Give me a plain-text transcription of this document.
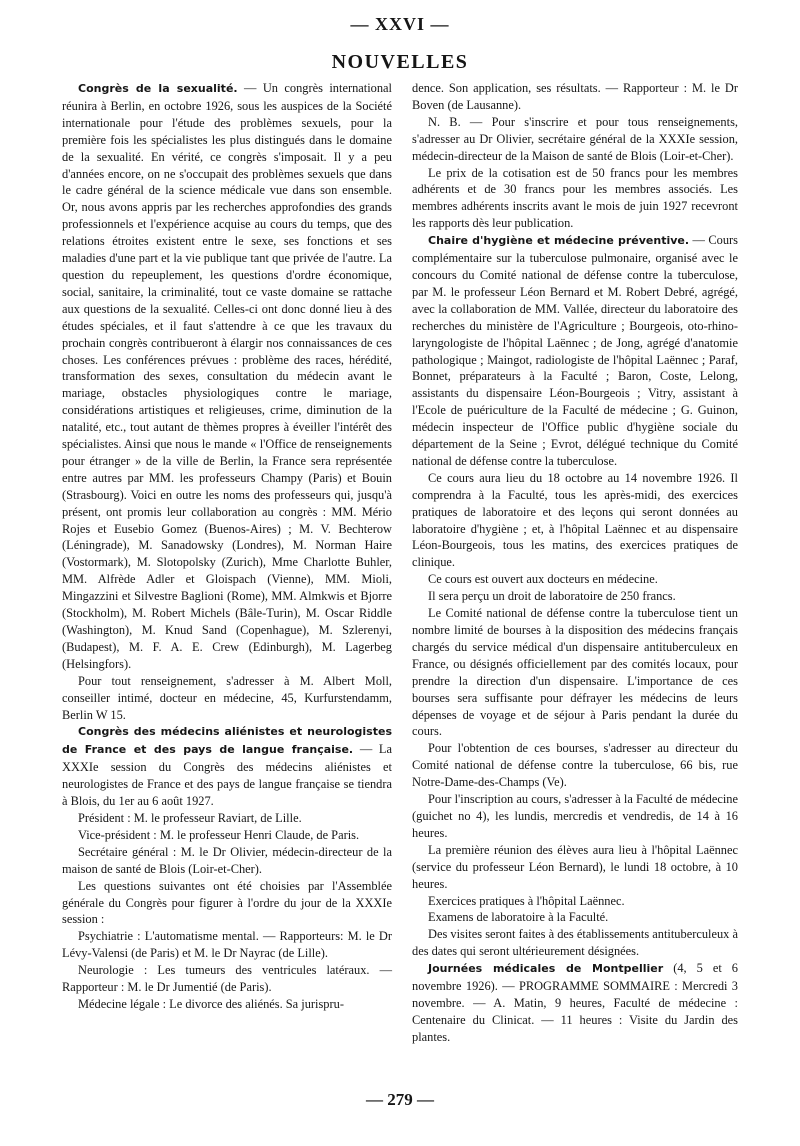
— XXVI —
NOUVELLES

Congrès de la sexualité. — Un congrès international réunira à Berlin, en octobre 1926, sous les auspices de la Société internationale pour l'étude des problèmes sexuels, pour la première fois les spécialistes les plus distingués dans le domaine de la sexualité. En vérité, ce congrès s'imposait. Il y a peu d'années encore, on ne s'occupait des problèmes sexuels que dans le cadre général de la science médicale vue dans son ensemble. Or, nous avons appris par les recherches approfondies des grands professionnels et l'expérience acquise au cours du temps, que des relations étroites existent entre le sexe, ses fonctions et ses maladies d'une part et la vie publique tant que privée de l'autre. La question du repeuplement, les questions d'ordre économique, social, sanitaire, la criminalité, tout ce vaste domaine se rattache aux questions de la sexualité. Celles-ci ont donc donné lieu à des études spéciales, et il faut s'attendre à ce que les travaux du prochain congrès contribueront à élargir nos connaissances de ces choses. Les conférences prévues : problème des races, hérédité, transformation des sexes, consultation du médecin avant le mariage, obstacles physiologiques contre le mariage, considérations artistiques et religieuses, crime, diminution de la natalité, etc., tout autant de thèmes propres à éveiller l'intérêt des spécialistes. Ainsi que nous le mande « l'Office de renseignements pour étranger » de la ville de Berlin, la France sera représentée entre autres par MM. les professeurs Champy (Paris) et Bouin (Strasbourg). Voici en outre les noms des professeurs qui, jusqu'à présent, ont promis leur collaboration au congrès : MM. Mério Rojes et Eusebio Gomez (Buenos-Aires) ; M. V. Bechterow (Léningrade), M. Sanadowsky (Londres), M. Norman Haire (Vostormark), M. Slotopolsky (Zurich), Mme Charlotte Buhler, MM. Alfrède Adler et Gloispach (Vienne), MM. Mioli, Mingazzini et Silvestre Baglioni (Rome), MM. Almkwis et Bjorre (Stockholm), M. Robert Michels (Bâle-Turin), M. Oscar Riddle (Washington), M. Knud Sand (Copenhague), M. Szlerenyi, (Budapest), M. F. A. E. Crew (Edinburgh), M. Lagerbeg (Helsingfors).

Pour tout renseignement, s'adresser à M. Albert Moll, conseiller intimé, docteur en médecine, 45, Kurfurstendamm, Berlin W 15.

Congrès des médecins aliénistes et neurologistes de France et des pays de langue française. — La XXXIe session du Congrès des médecins aliénistes et neurologistes de France et des pays de langue française se tiendra à Blois, du 1er au 6 août 1927.

Président : M. le professeur Raviart, de Lille.

Vice-président : M. le professeur Henri Claude, de Paris.

Secrétaire général : M. le Dr Olivier, médecin-directeur de la maison de santé de Blois (Loir-et-Cher).

Les questions suivantes ont été choisies par l'Assemblée générale du Congrès pour figurer à l'ordre du jour de la XXXIe session :

Psychiatrie : L'automatisme mental. — Rapporteurs: M. le Dr Lévy-Valensi (de Paris) et M. le Dr Nayrac (de Lille).

Neurologie : Les tumeurs des ventricules latéraux. — Rapporteur : M. le Dr Jumentié (de Paris).

Médecine légale : Le divorce des aliénés. Sa jurispru-

dence. Son application, ses résultats. — Rapporteur : M. le Dr Boven (de Lausanne).

N. B. — Pour s'inscrire et pour tous renseignements, s'adresser au Dr Olivier, secrétaire général de la XXXIe session, médecin-directeur de la Maison de santé de Blois (Loir-et-Cher).

Le prix de la cotisation est de 50 francs pour les membres adhérents et de 30 francs pour les membres associés. Les membres adhérents inscrits avant le mois de juin 1927 recevront les rapports dès leur publication.

Chaire d'hygiène et médecine préventive. — Cours complémentaire sur la tuberculose pulmonaire, organisé avec le concours du Comité national de défense contre la tuberculose, par M. le professeur Léon Bernard et M. Robert Debré, agrégé, avec la collaboration de MM. Vallée, directeur du laboratoire des recherches du ministère de l'Agriculture ; Bourgeois, oto-rhino-laryngologiste de l'hôpital Laënnec ; de Jong, agrégé d'anatomie pathologique ; Maingot, radiologiste de l'hôpital Laënnec ; Paraf, Bonnet, préparateurs à la Faculté ; Baron, Coste, Lelong, assistants du dispensaire Léon-Bourgeois ; Vitry, assistant à l'Ecole de puériculture de la Faculté de médecine ; G. Guinon, médecin inspecteur de l'Office public d'hygiène sociale du département de la Seine ; Evrot, délégué technique du Comité national de défense contre la tuberculose.

Ce cours aura lieu du 18 octobre au 14 novembre 1926. Il comprendra à la Faculté, tous les après-midi, des exercices pratiques de laboratoire et des leçons qui seront données au laboratoire d'hygiène ; et, à l'hôpital Laënnec et au dispensaire Léon-Bourgeois, tous les matins, des exercices pratiques de clinique.

Ce cours est ouvert aux docteurs en médecine.

Il sera perçu un droit de laboratoire de 250 francs.

Le Comité national de défense contre la tuberculose tient un nombre limité de bourses à la disposition des médecins français chargés du service médical d'un dispensaire antituberculeux en France, ou désignés officiellement par des comités locaux, pour prendre la direction d'un dispensaire. L'importance de ces bourses sera suffisante pour défrayer les médecins de leurs dépenses de voyage et de séjour à Paris pendant la durée du cours.

Pour l'obtention de ces bourses, s'adresser au directeur du Comité national de défense contre la tuberculose, 66 bis, rue Notre-Dame-des-Champs (Ve).

Pour l'inscription au cours, s'adresser à la Faculté de médecine (guichet no 4), les lundis, mercredis et vendredis, de 14 à 16 heures.

La première réunion des élèves aura lieu à l'hôpital Laënnec (service du professeur Léon Bernard), le lundi 18 octobre, à 10 heures.

Exercices pratiques à l'hôpital Laënnec.

Examens de laboratoire à la Faculté.

Des visites seront faites à des établissements antituberculeux à des dates qui seront ultérieurement désignées.

Journées médicales de Montpellier (4, 5 et 6 novembre 1926). — PROGRAMME SOMMAIRE : Mercredi 3 novembre. — A. Matin, 9 heures, Faculté de médecine : Centenaire du Clinicat. — 11 heures : Visite du Jardin des plantes.

— 279 —
